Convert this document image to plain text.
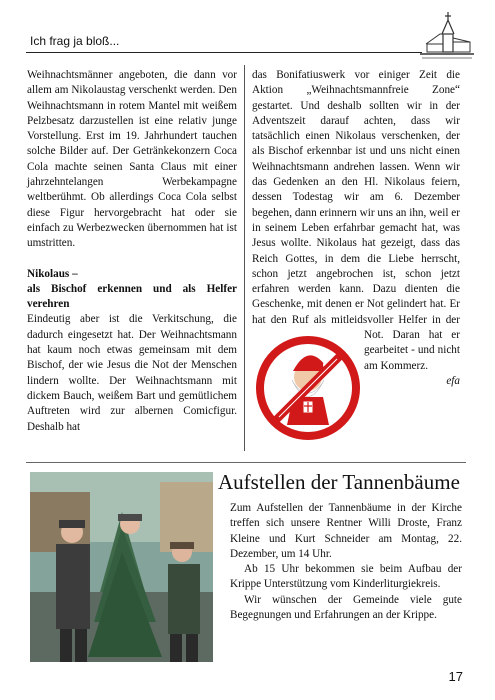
Ich frag ja bloß...

Weihnachtsmänner angeboten, die dann vor allem am Nikolaustag verschenkt werden. Den Weihnachtsmann in rotem Mantel mit weißem Pelzbesatz darzustellen ist eine relativ junge Vorstellung. Erst im 19. Jahrhundert tauchen solche Bilder auf. Der Getränkekonzern Coca Cola machte seinen Santa Claus mit einer jahrzehntelangen Werbekampagne weltberühmt. Ob allerdings Coca Cola selbst diese Figur hervorgebracht hat oder sie einfach zu Werbezwecken übernommen hat ist umstritten.

Nikolaus –
als Bischof erkennen und als Helfer verehren

Eindeutig aber ist die Verkitschung, die dadurch eingesetzt hat. Der Weihnachtsmann hat kaum noch etwas gemeinsam mit dem Bischof, der wie Jesus die Not der Menschen lindern wollte. Der Weihnachtsmann mit dickem Bauch, weißem Bart und gemütlichem Auftreten wird zur albernen Comicfigur. Deshalb hat

das Bonifatiuswerk vor einiger Zeit die Aktion „Weihnachtsmannfreie Zone“ gestartet. Und deshalb sollten wir in der Adventszeit darauf achten, dass wir tatsächlich einen Nikolaus verschenken, der als Bischof erkennbar ist und uns nicht einen Weihnachtsmann andrehen lassen. Wenn wir das Gedenken an den Hl. Nikolaus feiern, dessen Todestag wir am 6. Dezember begehen, dann erinnern wir uns an ihn, weil er in seinem Leben erfahrbar gemacht hat, was Jesus wollte. Nikolaus hat gezeigt, dass das Reich Gottes, in dem die Liebe herrscht, schon jetzt angebrochen ist, schon jetzt erfahren werden kann. Dazu dienten die Geschenke, mit denen er Not gelindert hat. Er hat den Ruf als mitleidsvoller Helfer in der Not. Daran hat er gearbeitet - und nicht am Kommerz.

efa

Aufstellen der Tannenbäume

Zum Aufstellen der Tannenbäume in der Kirche treffen sich unsere Rentner Willi Droste, Franz Kleine und Kurt Schneider am Montag, 22. Dezember, um 14 Uhr.

Ab 15 Uhr bekommen sie beim Aufbau der Krippe Unterstützung vom Kinderliturgiekreis.

Wir wünschen der Gemeinde viele gute Begegnungen und Erfahrungen an der Krippe.

17
